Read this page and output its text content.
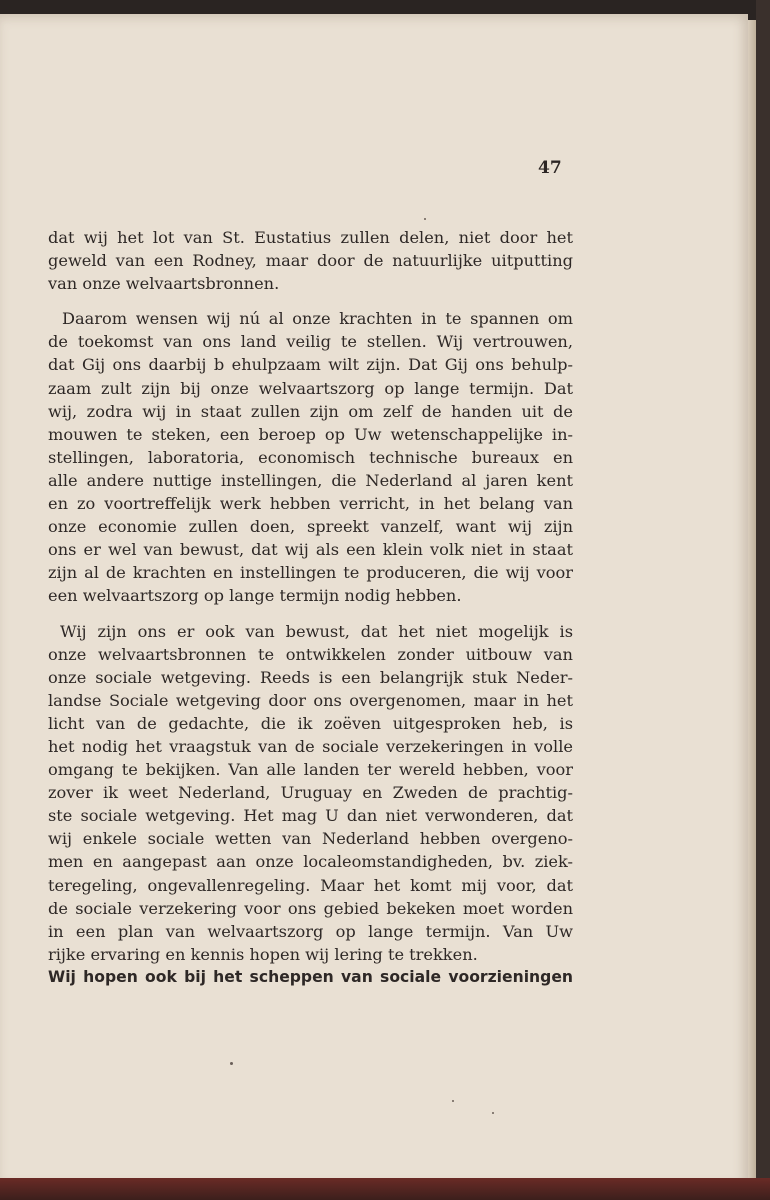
47
dat wij het lot van St. Eustatius zullen delen, niet door het
geweld van een Rodney, maar door de natuurlijke uitputting
van onze welvaartsbronnen.
Daarom wensen wij nú al onze krachten in te spannen om
de toekomst van ons land veilig te stellen. Wij vertrouwen,
dat Gij ons daarbij b ehulpzaam wilt zijn. Dat Gij ons behulp-
zaam zult zijn bij onze welvaartszorg op lange termijn. Dat
wij, zodra wij in staat zullen zijn om zelf de handen uit de
mouwen te steken, een beroep op Uw wetenschappelijke in-
stellingen, laboratoria, economisch technische bureaux en
alle andere nuttige instellingen, die Nederland al jaren kent
en zo voortreffelijk werk hebben verricht, in het belang van
onze economie zullen doen, spreekt vanzelf, want wij zijn
ons er wel van bewust, dat wij als een klein volk niet in staat
zijn al de krachten en instellingen te produceren, die wij voor
een welvaartszorg op lange termijn nodig hebben.
Wij zijn ons er ook van bewust, dat het niet mogelijk is
onze welvaartsbronnen te ontwikkelen zonder uitbouw van
onze sociale wetgeving. Reeds is een belangrijk stuk Neder-
landse Sociale wetgeving door ons overgenomen, maar in het
licht van de gedachte, die ik zoëven uitgesproken heb, is
het nodig het vraagstuk van de sociale verzekeringen in volle
omgang te bekijken. Van alle landen ter wereld hebben, voor
zover ik weet Nederland, Uruguay en Zweden de prachtig-
ste sociale wetgeving. Het mag U dan niet verwonderen, dat
wij enkele sociale wetten van Nederland hebben overgeno-
men en aangepast aan onze localeomstandigheden, bv. ziek-
teregeling, ongevallenregeling. Maar het komt mij voor, dat
de sociale verzekering voor ons gebied bekeken moet worden
in een plan van welvaartszorg op lange termijn. Van Uw
rijke ervaring en kennis hopen wij lering te trekken.
Wij hopen ook bij het scheppen van sociale voorzieningen
